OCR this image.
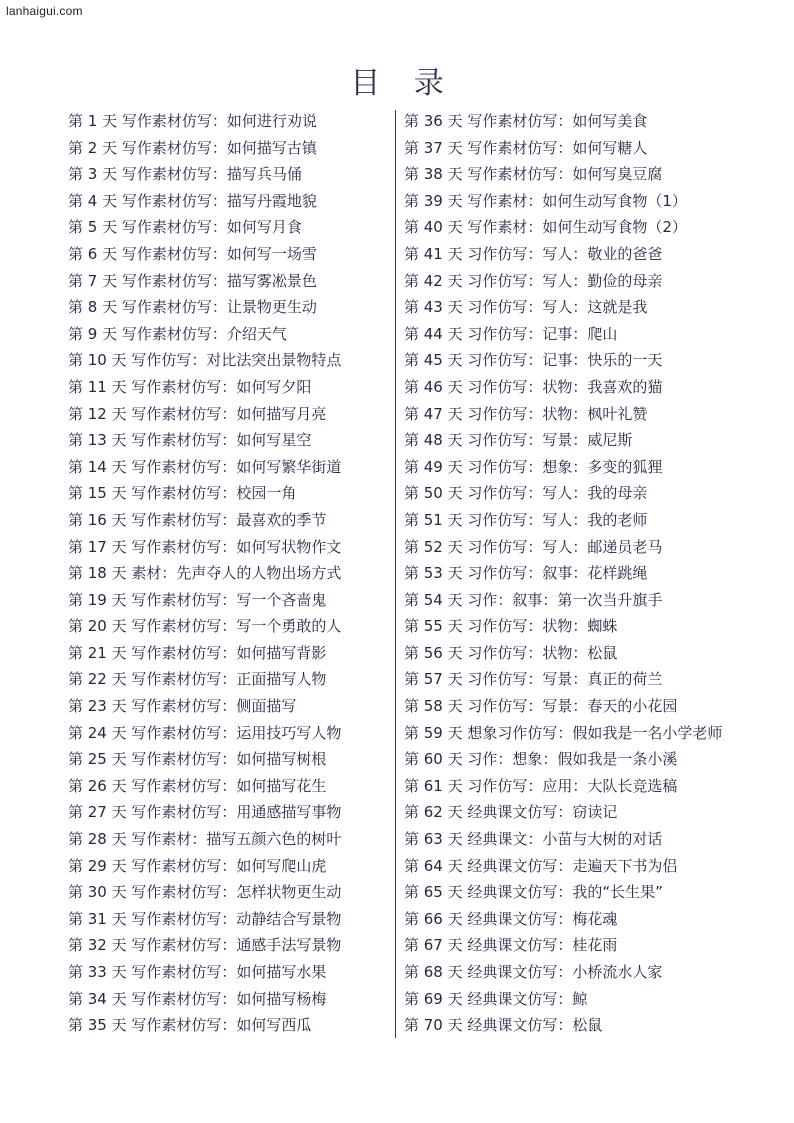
lanhaigui.com
目 录
第 1 天 写作素材仿写：如何进行劝说
第 2 天 写作素材仿写：如何描写古镇
第 3 天 写作素材仿写：描写兵马俑
第 4 天 写作素材仿写：描写丹霞地貌
第 5 天 写作素材仿写：如何写月食
第 6 天 写作素材仿写：如何写一场雪
第 7 天 写作素材仿写：描写雾凇景色
第 8 天 写作素材仿写：让景物更生动
第 9 天 写作素材仿写：介绍天气
第 10 天 写作仿写：对比法突出景物特点
第 11 天 写作素材仿写：如何写夕阳
第 12 天 写作素材仿写：如何描写月亮
第 13 天 写作素材仿写：如何写星空
第 14 天 写作素材仿写：如何写繁华街道
第 15 天 写作素材仿写：校园一角
第 16 天 写作素材仿写：最喜欢的季节
第 17 天 写作素材仿写：如何写状物作文
第 18 天 素材：先声夺人的人物出场方式
第 19 天 写作素材仿写：写一个吝啬鬼
第 20 天 写作素材仿写：写一个勇敢的人
第 21 天 写作素材仿写：如何描写背影
第 22 天 写作素材仿写：正面描写人物
第 23 天 写作素材仿写：侧面描写
第 24 天 写作素材仿写：运用技巧写人物
第 25 天 写作素材仿写：如何描写树根
第 26 天 写作素材仿写：如何描写花生
第 27 天 写作素材仿写：用通感描写事物
第 28 天 写作素材：描写五颜六色的树叶
第 29 天 写作素材仿写：如何写爬山虎
第 30 天 写作素材仿写：怎样状物更生动
第 31 天 写作素材仿写：动静结合写景物
第 32 天 写作素材仿写：通感手法写景物
第 33 天 写作素材仿写：如何描写水果
第 34 天 写作素材仿写：如何描写杨梅
第 35 天 写作素材仿写：如何写西瓜
第 36 天 写作素材仿写：如何写美食
第 37 天 写作素材仿写：如何写糖人
第 38 天 写作素材仿写：如何写臭豆腐
第 39 天 写作素材：如何生动写食物（1）
第 40 天 写作素材：如何生动写食物（2）
第 41 天 习作仿写：写人：敬业的爸爸
第 42 天 习作仿写：写人：勤俭的母亲
第 43 天 习作仿写：写人：这就是我
第 44 天 习作仿写：记事：爬山
第 45 天 习作仿写：记事：快乐的一天
第 46 天 习作仿写：状物：我喜欢的猫
第 47 天 习作仿写：状物：枫叶礼赞
第 48 天 习作仿写：写景：威尼斯
第 49 天 习作仿写：想象：多变的狐狸
第 50 天 习作仿写：写人：我的母亲
第 51 天 习作仿写：写人：我的老师
第 52 天 习作仿写：写人：邮递员老马
第 53 天 习作仿写：叙事：花样跳绳
第 54 天 习作：叙事：第一次当升旗手
第 55 天 习作仿写：状物：蜘蛛
第 56 天 习作仿写：状物：松鼠
第 57 天 习作仿写：写景：真正的荷兰
第 58 天 习作仿写：写景：春天的小花园
第 59 天 想象习作仿写：假如我是一名小学老师
第 60 天 习作：想象：假如我是一条小溪
第 61 天 习作仿写：应用：大队长竞选稿
第 62 天 经典课文仿写：窃读记
第 63 天 经典课文：小苗与大树的对话
第 64 天 经典课文仿写：走遍天下书为侣
第 65 天 经典课文仿写：我的“长生果”
第 66 天 经典课文仿写：梅花魂
第 67 天 经典课文仿写：桂花雨
第 68 天 经典课文仿写：小桥流水人家
第 69 天 经典课文仿写：鲸
第 70 天 经典课文仿写：松鼠
